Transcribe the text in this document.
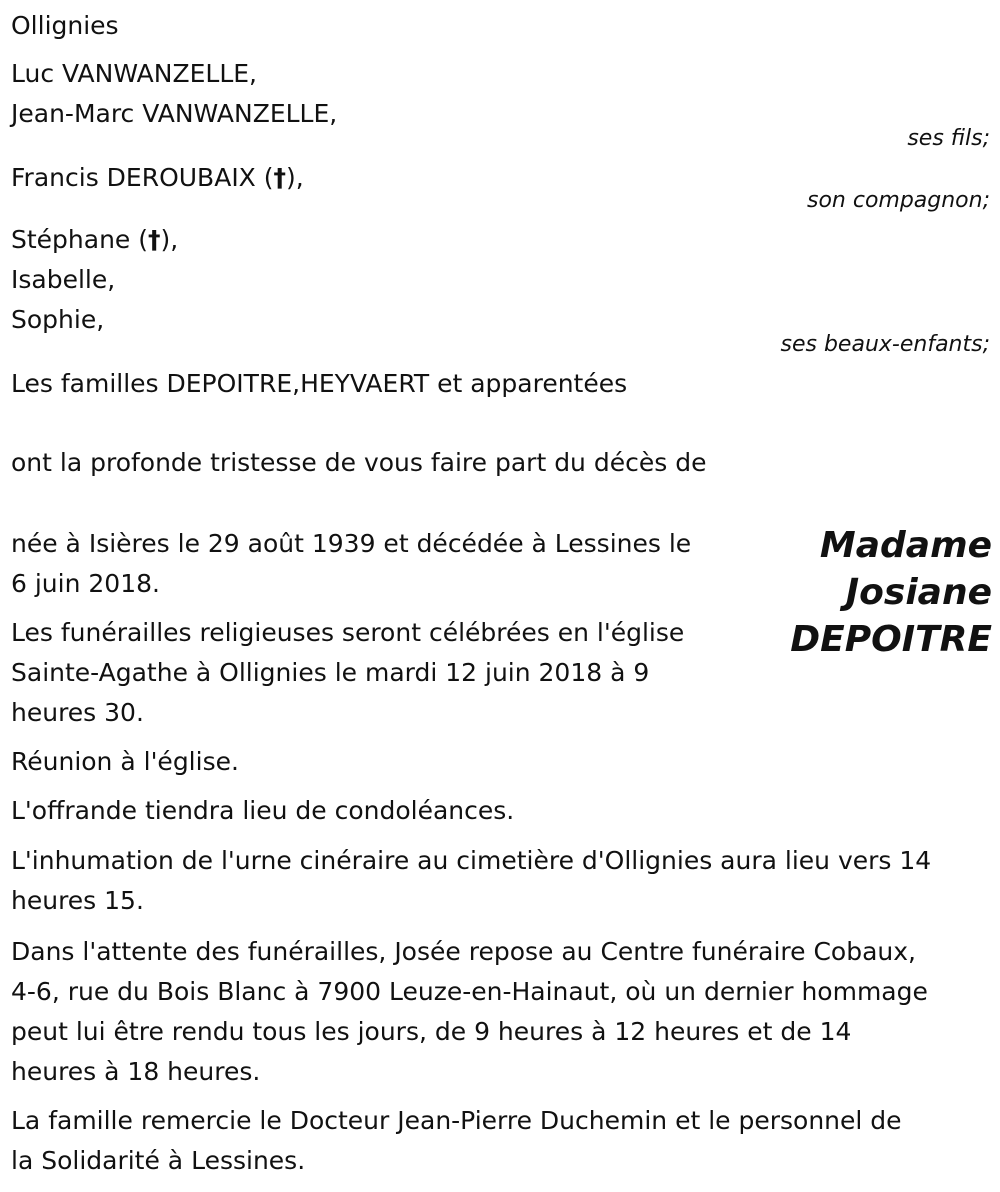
Ollignies
Luc VANWANZELLE,
Jean-Marc VANWANZELLE,
ses fils;
Francis DEROUBAIX (†),
son compagnon;
Stéphane (†),
Isabelle,
Sophie,
ses beaux-enfants;
Les familles DEPOITRE,HEYVAERT et apparentées
ont la profonde tristesse de vous faire part du décès de
Madame
Josiane
DEPOITRE

née à Isières le 29 août 1939 et décédée à Lessines le

6 juin 2018.

Les funérailles religieuses seront célébrées en l'église

Sainte-Agathe à Ollignies le mardi 12 juin 2018 à 9

heures 30.

Réunion à l'église.
L'offrande tiendra lieu de condoléances.

L'inhumation de l'urne cinéraire au cimetière d'Ollignies aura lieu vers 14

heures 15.

Dans l'attente des funérailles, Josée repose au Centre funéraire Cobaux,

4-6, rue du Bois Blanc à 7900 Leuze-en-Hainaut, où un dernier hommage

peut lui être rendu tous les jours, de 9 heures à 12 heures et de 14

heures à 18 heures.

La famille remercie le Docteur Jean-Pierre Duchemin et le personnel de

la Solidarité à Lessines.
